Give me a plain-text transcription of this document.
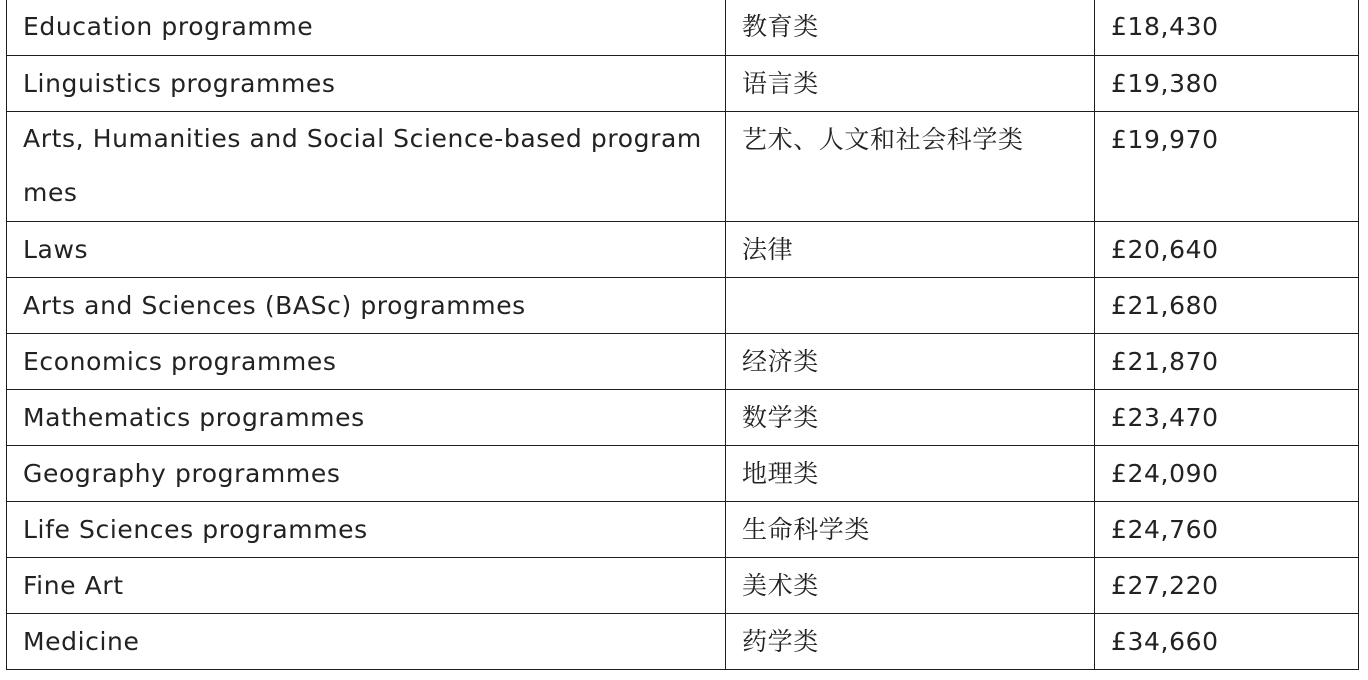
Education programme	教育类	£18,430

Linguistics programmes	语言类	£19,380

Arts, Humanities and Social Science-based programmes	艺术、人文和社会科学类	£19,970

Laws	法律	£20,640

Arts and Sciences (BASc) programmes		£21,680

Economics programmes	经济类	£21,870

Mathematics programmes	数学类	£23,470

Geography programmes	地理类	£24,090

Life Sciences programmes	生命科学类	£24,760

Fine Art	美术类	£27,220

Medicine	药学类	£34,660
